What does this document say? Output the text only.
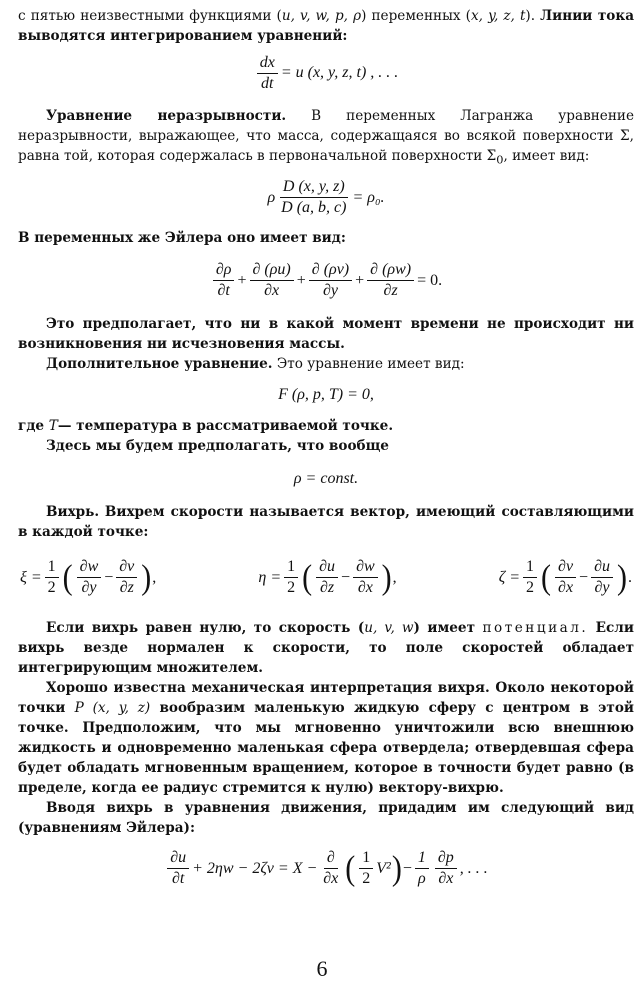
с пятью неизвестными функциями (u, v, w, p, ρ) переменных (x, y, z, t). Линии тока выводятся интегрированием уравнений:

$\frac{dx}{dt} = u$ (x, y, z, t) , . . .

Уравнение неразрывности. В переменных Лагранжа уравнение неразрывности, выражающее, что масса, содержащаяся во всякой поверхности Σ, равна той, которая содержалась в первоначальной поверхности $\Sigma_0$, имеет вид:

ρ $\frac{D (x, y, z)}{D (a, b, c)} = \rho_0$.

В переменных же Эйлера оно имеет вид:

$\frac{\partial\rho}{\partial t} + \frac{\partial (\rho u)}{\partial x} + \frac{\partial (\rho v)}{\partial y} + \frac{\partial (\rho w)}{\partial z} = 0$.

Это предполагает, что ни в какой момент времени не происходит ни возникновения ни исчезновения массы.

Дополнительное уравнение. Это уравнение имеет вид:

F (ρ, p, T) = 0,

где T— температура в рассматриваемой точке.

Здесь мы будем предполагать, что вообще

ρ = const.

Вихрь. Вихрем скорости называется вектор, имеющий составляющими в каждой точке:

$\xi = \frac{1}{2}$ ( $\frac{\partial w}{\partial y} - \frac{\partial v}{\partial z}$ ) ,	$\eta = \frac{1}{2}$ ( $\frac{\partial u}{\partial z} - \frac{\partial w}{\partial x}$ ) ,	$\zeta = \frac{1}{2}$ ( $\frac{\partial v}{\partial x} - \frac{\partial u}{\partial y}$ ) .

Если вихрь равен нулю, то скорость (u, v, w) имеет потенциал. Если вихрь везде нормален к скорости, то поле скоростей обладает интегрирующим множителем.

Хорошо известна механическая интерпретация вихря. Около некоторой точки P (x, y, z) вообразим маленькую жидкую сферу с центром в этой точке. Предположим, что мы мгновенно уничтожили всю внешнюю жидкость и одновременно маленькая сфера отвердела; отвердевшая сфера будет обладать мгновенным вращением, которое в точности будет равно (в пределе, когда ее радиус стремится к нулю) вектору-вихрю.

Вводя вихрь в уравнения движения, придадим им следующий вид (уравнениям Эйлера):

$\frac{\partial u}{\partial t} + 2\eta w - 2\zeta v = X - \frac{\partial}{\partial x}$ ( $\frac{1}{2} V^2$ ) − $\frac{1}{\rho} \frac{\partial p}{\partial x}$ , . . .
6
